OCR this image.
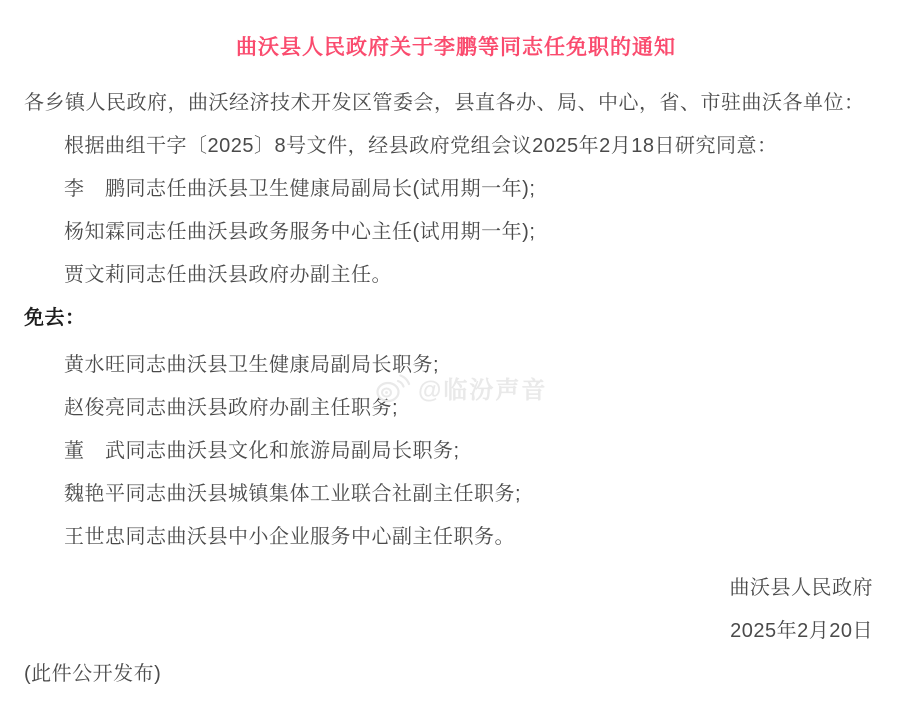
曲沃县人民政府关于李鹏等同志任免职的通知
各乡镇人民政府，曲沃经济技术开发区管委会，县直各办、局、中心，省、市驻曲沃各单位：
根据曲组干字〔2025〕8号文件，经县政府党组会议2025年2月18日研究同意：
李　鹏同志任曲沃县卫生健康局副局长(试用期一年);
杨知霖同志任曲沃县政务服务中心主任(试用期一年);
贾文莉同志任曲沃县政府办副主任。
免去：
黄水旺同志曲沃县卫生健康局副局长职务;
赵俊亮同志曲沃县政府办副主任职务;
董　武同志曲沃县文化和旅游局副局长职务;
魏艳平同志曲沃县城镇集体工业联合社副主任职务;
王世忠同志曲沃县中小企业服务中心副主任职务。
曲沃县人民政府
2025年2月20日
(此件公开发布)
@临汾声音
